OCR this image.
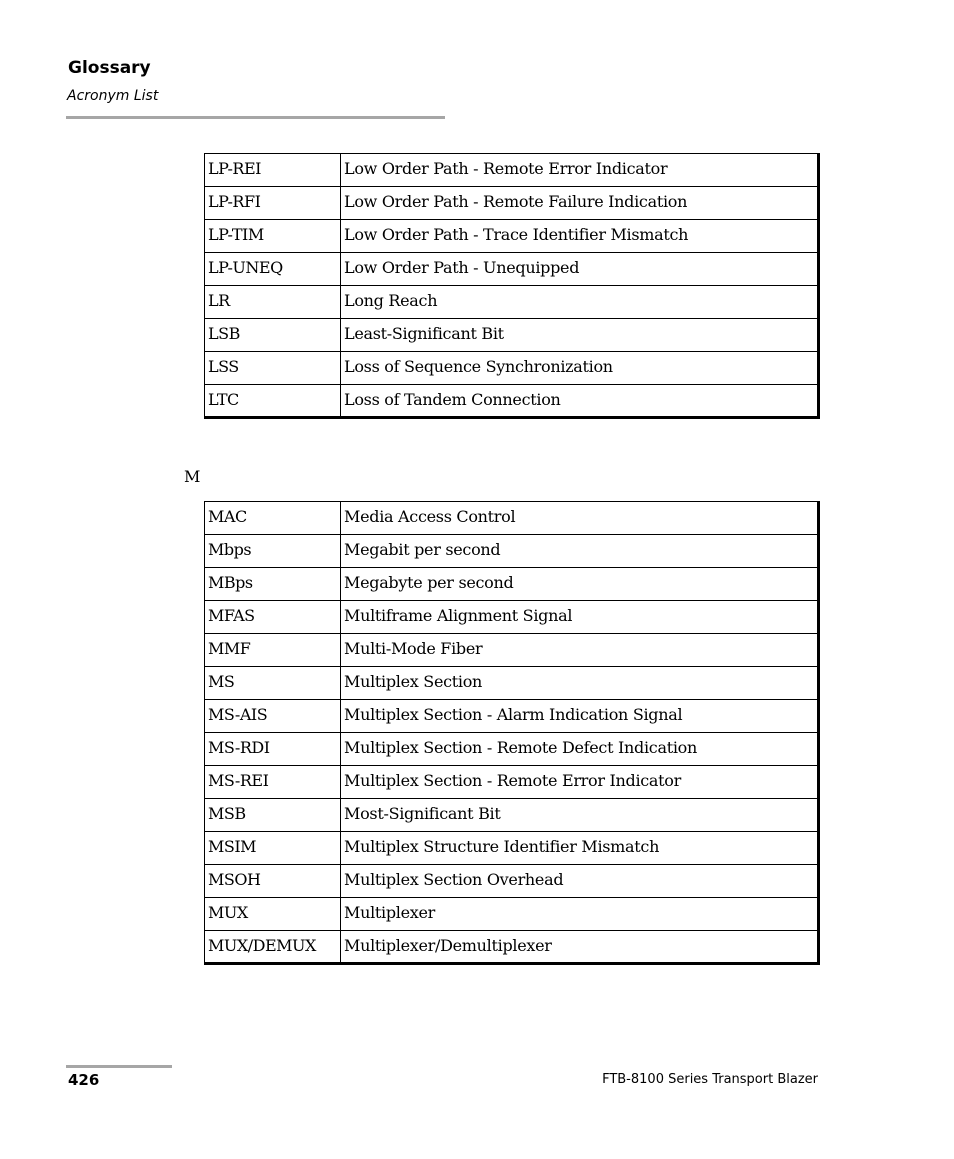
Glossary
Acronym List
LP-REI	Low Order Path - Remote Error Indicator
LP-RFI	Low Order Path - Remote Failure Indication
LP-TIM	Low Order Path - Trace Identifier Mismatch
LP-UNEQ	Low Order Path - Unequipped
LR	Long Reach
LSB	Least-Significant Bit
LSS	Loss of Sequence Synchronization
LTC	Loss of Tandem Connection
M
MAC	Media Access Control
Mbps	Megabit per second
MBps	Megabyte per second
MFAS	Multiframe Alignment Signal
MMF	Multi-Mode Fiber
MS	Multiplex Section
MS-AIS	Multiplex Section - Alarm Indication Signal
MS-RDI	Multiplex Section - Remote Defect Indication
MS-REI	Multiplex Section - Remote Error Indicator
MSB	Most-Significant Bit
MSIM	Multiplex Structure Identifier Mismatch
MSOH	Multiplex Section Overhead
MUX	Multiplexer
MUX/DEMUX	Multiplexer/Demultiplexer
426	FTB-8100 Series Transport Blazer
